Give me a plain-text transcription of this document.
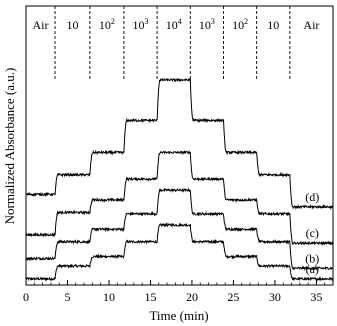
Air 10 $10^2$ $10^3$ $10^4$ $10^3$ $10^2$ 10 Air
(a)
(b)
(c)
(d)
0	5	10 15 20 25 30 35
Time (min)
Normalized Absorbance (a.u.)
